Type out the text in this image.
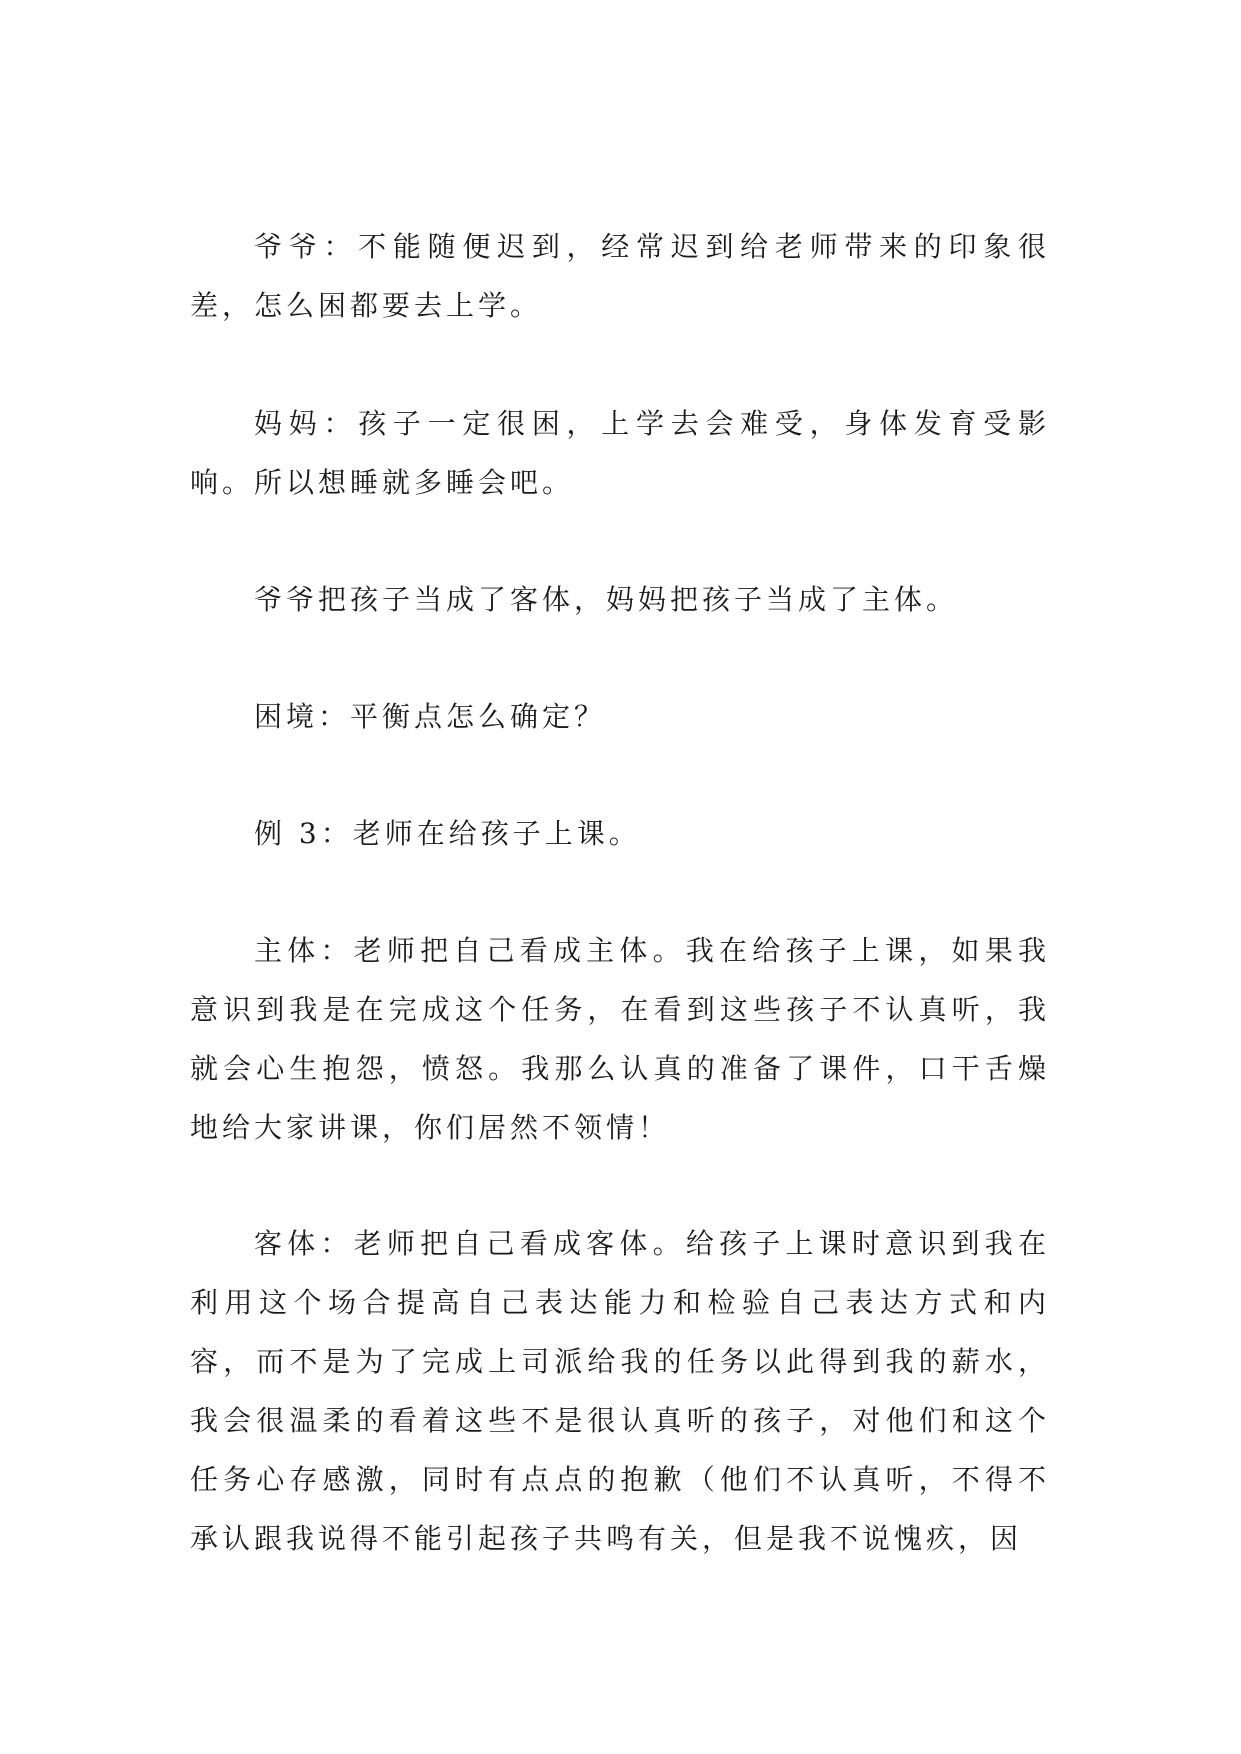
爷爷：不能随便迟到，经常迟到给老师带来的印象很差，怎么困都要去上学。

妈妈：孩子一定很困，上学去会难受，身体发育受影响。所以想睡就多睡会吧。

爷爷把孩子当成了客体，妈妈把孩子当成了主体。

困境：平衡点怎么确定？

例 3：老师在给孩子上课。

主体：老师把自己看成主体。我在给孩子上课，如果我意识到我是在完成这个任务，在看到这些孩子不认真听，我就会心生抱怨，愤怒。我那么认真的准备了课件，口干舌燥地给大家讲课，你们居然不领情！

客体：老师把自己看成客体。给孩子上课时意识到我在利用这个场合提高自己表达能力和检验自己表达方式和内容，而不是为了完成上司派给我的任务以此得到我的薪水，我会很温柔的看着这些不是很认真听的孩子，对他们和这个任务心存感激，同时有点点的抱歉（他们不认真听，不得不承认跟我说得不能引起孩子共鸣有关，但是我不说愧疚，因
